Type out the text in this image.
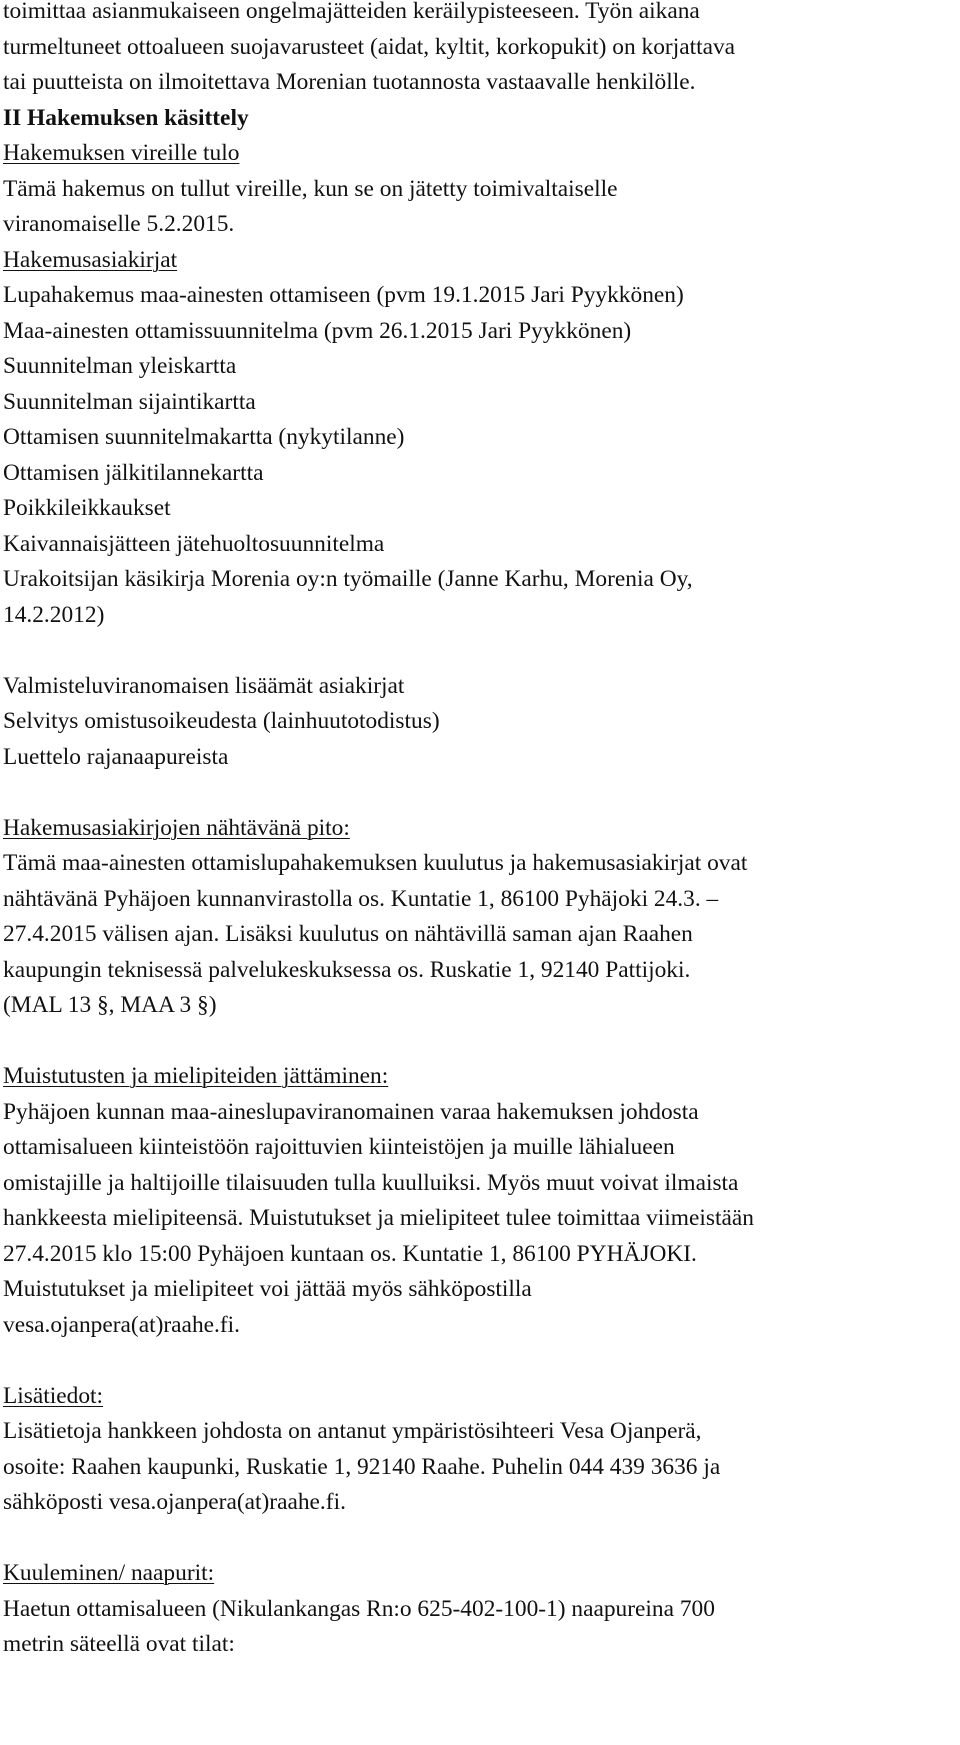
toimittaa asianmukaiseen ongelmajätteiden keräilypisteeseen. Työn aikana
turmeltuneet ottoalueen suojavarusteet (aidat, kyltit, korkopukit) on korjattava
tai puutteista on ilmoitettava Morenian tuotannosta vastaavalle henkilölle.
II Hakemuksen käsittely
Hakemuksen vireille tulo
Tämä hakemus on tullut vireille, kun se on jätetty toimivaltaiselle
viranomaiselle 5.2.2015.
Hakemusasiakirjat
Lupahakemus maa-ainesten ottamiseen (pvm 19.1.2015 Jari Pyykkönen)
Maa-ainesten ottamissuunnitelma (pvm 26.1.2015 Jari Pyykkönen)
Suunnitelman yleiskartta
Suunnitelman sijaintikartta
Ottamisen suunnitelmakartta (nykytilanne)
Ottamisen jälkitilannekartta
Poikkileikkaukset
Kaivannaisjätteen jätehuoltosuunnitelma
Urakoitsijan käsikirja Morenia oy:n työmaille (Janne Karhu, Morenia Oy,
14.2.2012)
Valmisteluviranomaisen lisäämät asiakirjat
Selvitys omistusoikeudesta (lainhuutotodistus)
Luettelo rajanaapureista
Hakemusasiakirjojen nähtävänä pito:
Tämä maa-ainesten ottamislupahakemuksen kuulutus ja hakemusasiakirjat ovat
nähtävänä Pyhäjoen kunnanvirastolla os. Kuntatie 1, 86100 Pyhäjoki 24.3. –
27.4.2015 välisen ajan. Lisäksi kuulutus on nähtävillä saman ajan Raahen
kaupungin teknisessä palvelukeskuksessa os. Ruskatie 1, 92140 Pattijoki.
(MAL 13 §, MAA 3 §)
Muistutusten ja mielipiteiden jättäminen:
Pyhäjoen kunnan maa-aineslupaviranomainen varaa hakemuksen johdosta
ottamisalueen kiinteistöön rajoittuvien kiinteistöjen ja muille lähialueen
omistajille ja haltijoille tilaisuuden tulla kuulluiksi. Myös muut voivat ilmaista
hankkeesta mielipiteensä. Muistutukset ja mielipiteet tulee toimittaa viimeistään
27.4.2015 klo 15:00 Pyhäjoen kuntaan os. Kuntatie 1, 86100 PYHÄJOKI.
Muistutukset ja mielipiteet voi jättää myös sähköpostilla
vesa.ojanpera(at)raahe.fi.
Lisätiedot:
Lisätietoja hankkeen johdosta on antanut ympäristösihteeri Vesa Ojanperä,
osoite: Raahen kaupunki, Ruskatie 1, 92140 Raahe. Puhelin 044 439 3636 ja
sähköposti vesa.ojanpera(at)raahe.fi.
Kuuleminen/ naapurit:
Haetun ottamisalueen (Nikulankangas Rn:o 625-402-100-1) naapureina 700
metrin säteellä ovat tilat:
